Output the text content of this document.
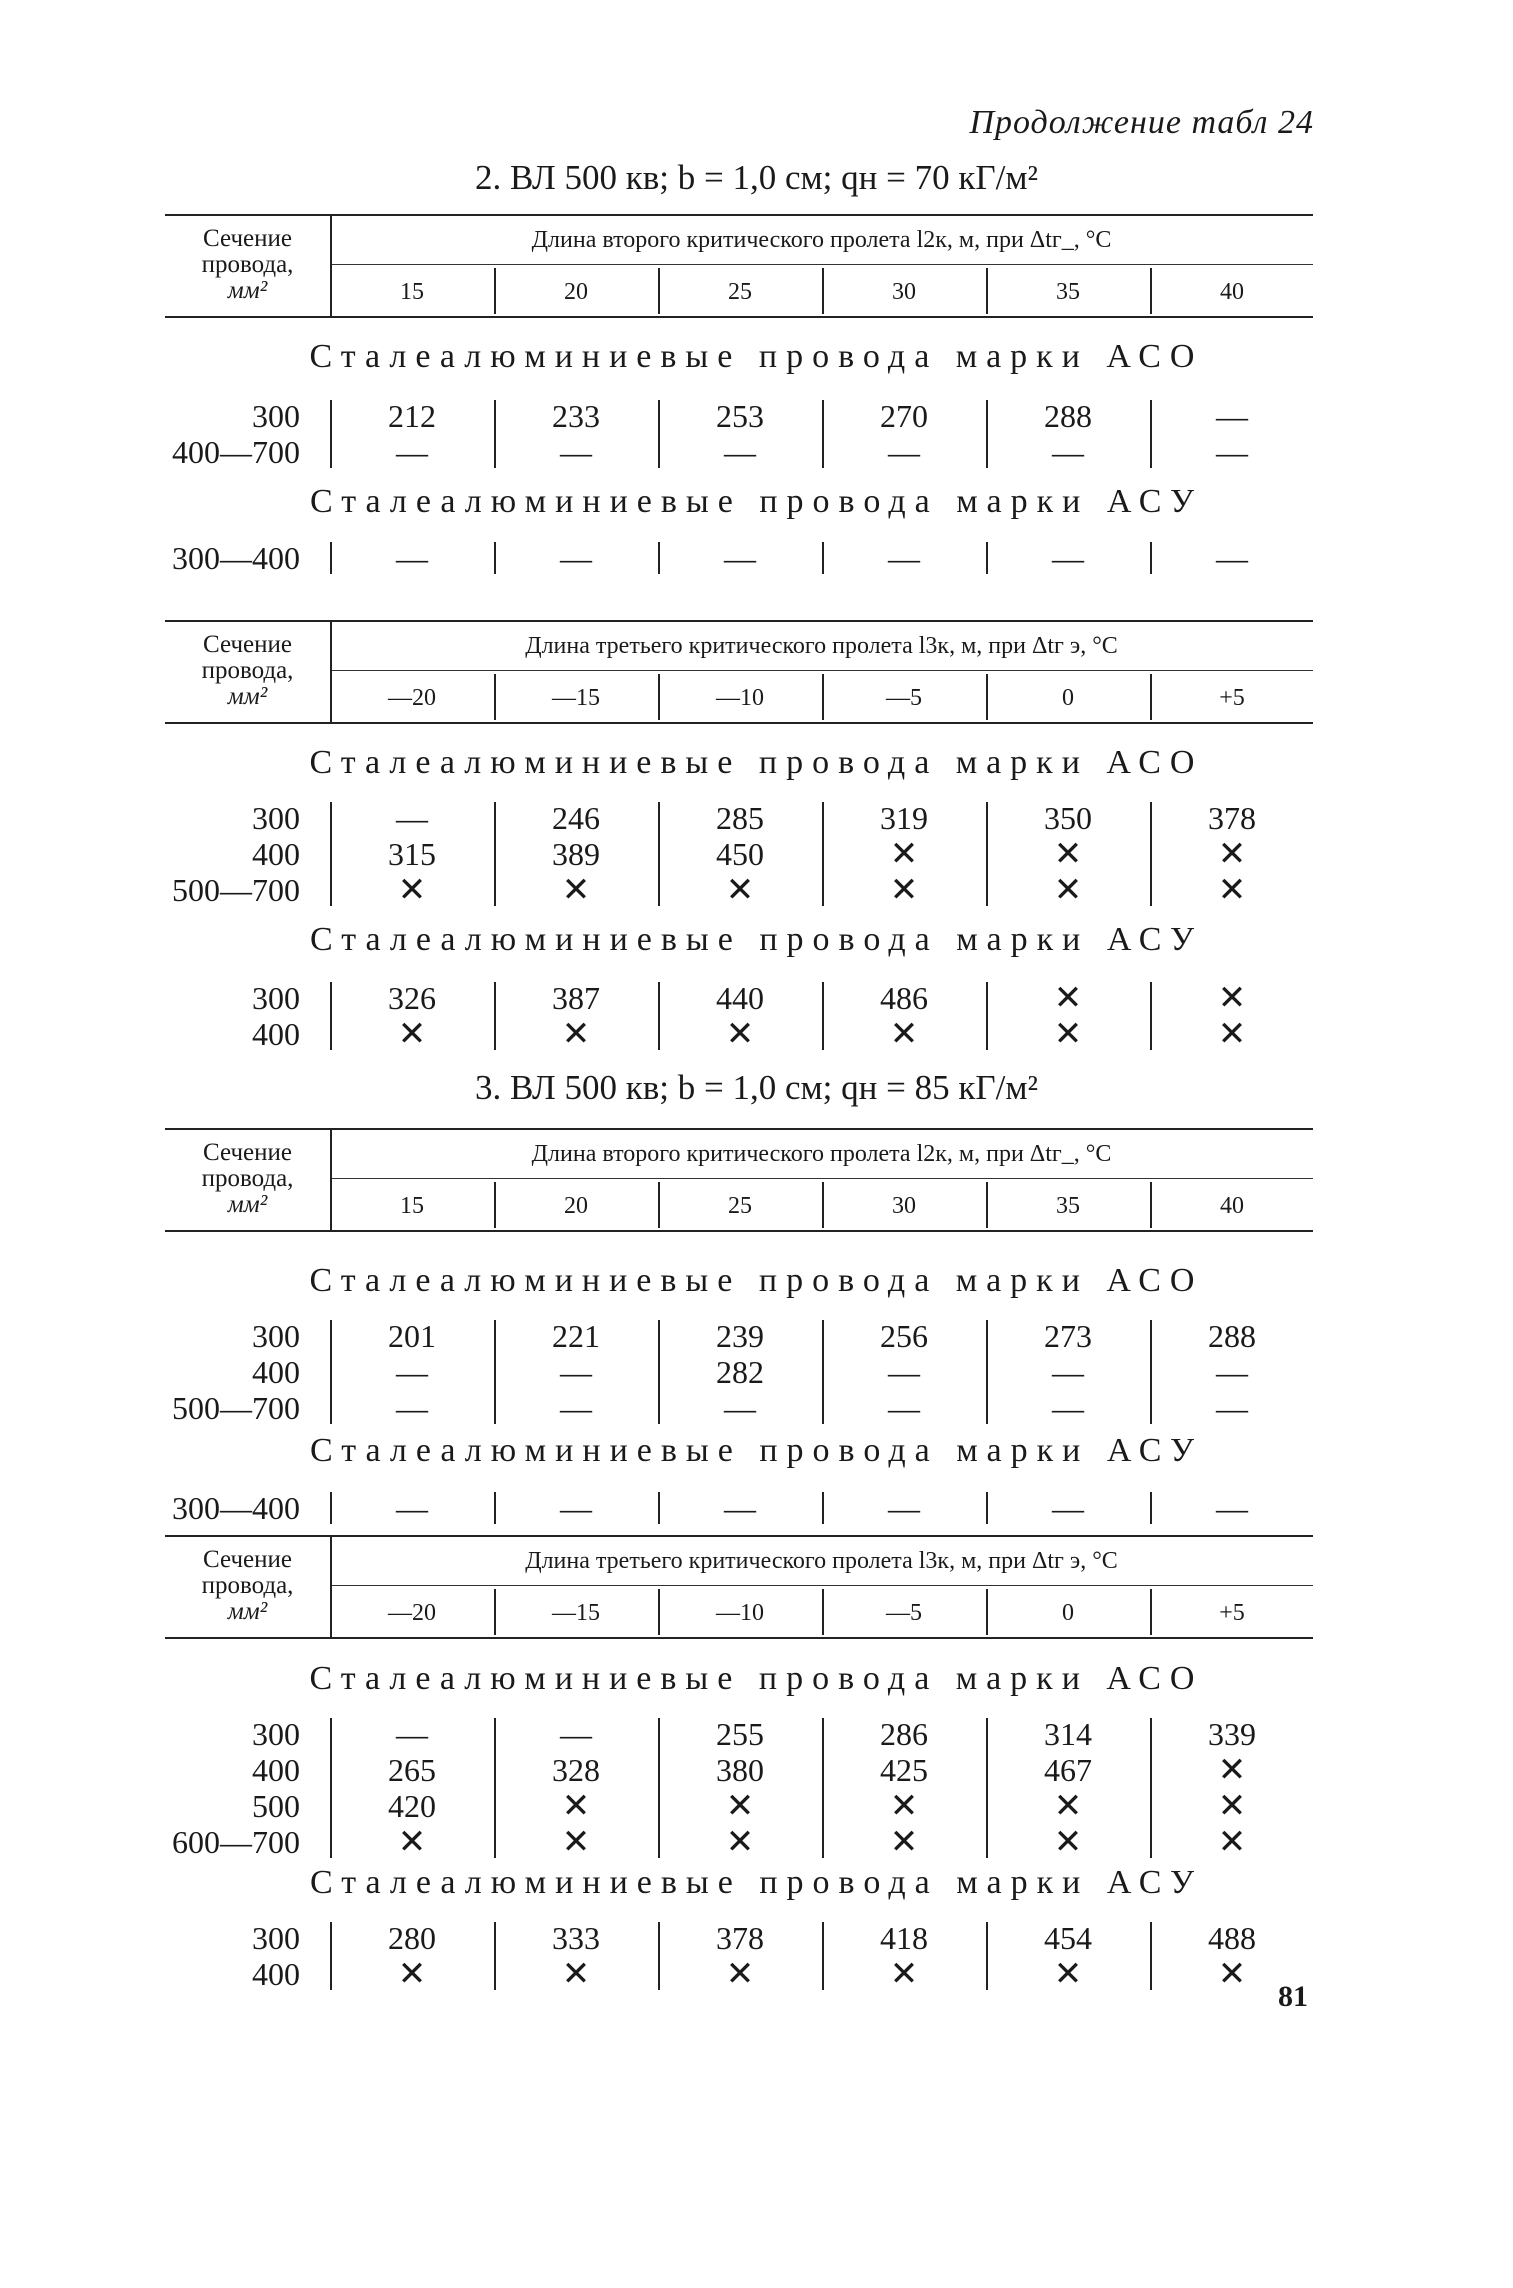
Продолжение табл 24
2. ВЛ 500 кв; b = 1,0 см; qн = 70 кГ/м²
Сечение
провода,
мм²
Длина второго критического пролета l2к, м, при Δtг_, °С
15	20	25	30	35	40
Сталеалюминиевые провода марки АСО
300	212	233	253	270	288	—
400—700	—	—	—	—	—	—
Сталеалюминиевые провода марки АСУ
300—400	—	—	—	—	—	—
Сечение
провода,
мм²
Длина третьего критического пролета l3к, м, при Δtг э, °С
—20	—15	—10	—5	0	+5
Сталеалюминиевые провода марки АСО
300	—	246	285	319	350	378
400	315	389	450	✕	✕	✕
500—700	✕	✕	✕	✕	✕	✕
Сталеалюминиевые провода марки АСУ
300	326	387	440	486	✕	✕
400	✕	✕	✕	✕	✕	✕
3. ВЛ 500 кв; b = 1,0 см; qн = 85 кГ/м²
Сечение
провода,
мм²
Длина второго критического пролета l2к, м, при Δtг_, °С
15	20	25	30	35	40
Сталеалюминиевые провода марки АСО
300	201	221	239	256	273	288
400	—	—	282	—	—	—
500—700	—	—	—	—	—	—
Сталеалюминиевые провода марки АСУ
300—400	—	—	—	—	—	—
Сечение
провода,
мм²
Длина третьего критического пролета l3к, м, при Δtг э, °С
—20	—15	—10	—5	0	+5
Сталеалюминиевые провода марки АСО
300	—	—	255	286	314	339
400	265	328	380	425	467	✕
500	420	✕	✕	✕	✕	✕
600—700	✕	✕	✕	✕	✕	✕
Сталеалюминиевые провода марки АСУ
300	280	333	378	418	454	488
400	✕	✕	✕	✕	✕	✕
81
